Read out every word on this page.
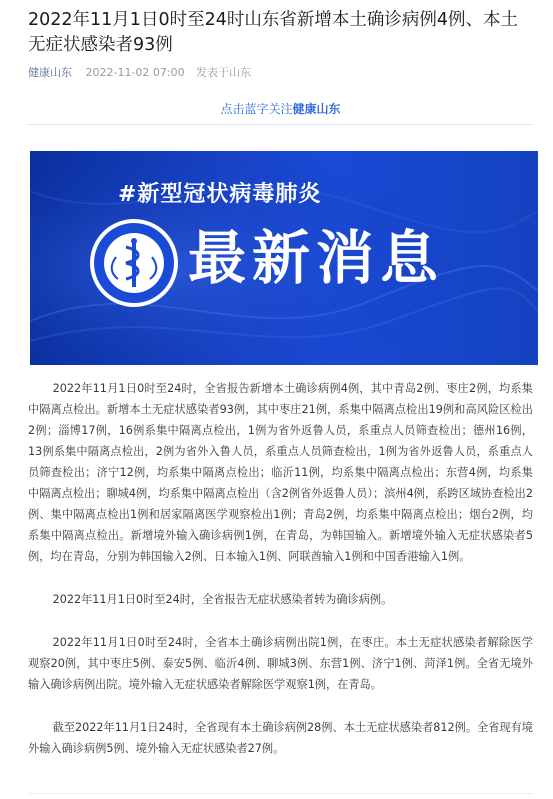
2022年11月1日0时至24时山东省新增本土确诊病例4例、本土无症状感染者93例
健康山东 2022-11-02 07:00 发表于山东
点击蓝字关注健康山东
#新型冠状病毒肺炎
最新消息

2022年11月1日0时至24时，全省报告新增本土确诊病例4例，其中青岛2例、枣庄2例，均系集中隔离点检出。新增本土无症状感染者93例，其中枣庄21例，系集中隔离点检出19例和高风险区检出2例；淄博17例，16例系集中隔离点检出，1例为省外返鲁人员，系重点人员筛查检出；德州16例，13例系集中隔离点检出，2例为省外入鲁人员，系重点人员筛查检出，1例为省外返鲁人员，系重点人员筛查检出；济宁12例，均系集中隔离点检出；临沂11例，均系集中隔离点检出；东营4例，均系集中隔离点检出；聊城4例，均系集中隔离点检出（含2例省外返鲁人员）；滨州4例，系跨区域协查检出2例、集中隔离点检出1例和居家隔离医学观察检出1例；青岛2例，均系集中隔离点检出；烟台2例，均系集中隔离点检出。新增境外输入确诊病例1例，在青岛，为韩国输入。新增境外输入无症状感染者5例，均在青岛，分别为韩国输入2例、日本输入1例、阿联酋输入1例和中国香港输入1例。

2022年11月1日0时至24时，全省报告无症状感染者转为确诊病例。

2022年11月1日0时至24时，全省本土确诊病例出院1例，在枣庄。本土无症状感染者解除医学观察20例，其中枣庄5例、泰安5例、临沂4例、聊城3例、东营1例、济宁1例、菏泽1例。全省无境外输入确诊病例出院。境外输入无症状感染者解除医学观察1例，在青岛。

截至2022年11月1日24时，全省现有本土确诊病例28例、本土无症状感染者812例。全省现有境外输入确诊病例5例、境外输入无症状感染者27例。
